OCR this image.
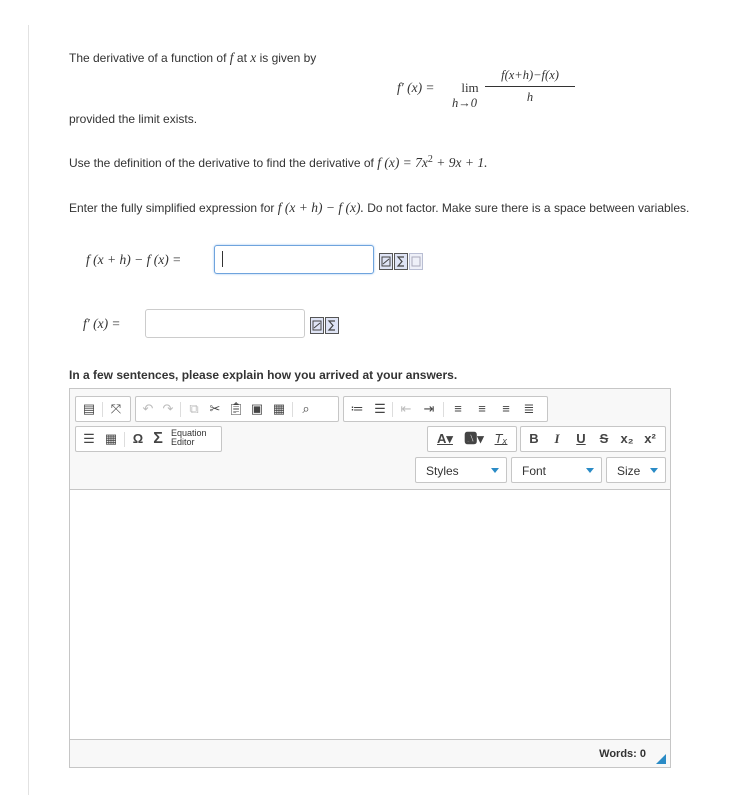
The derivative of a function of f at x is given by
f′ (x) =	lim
h→0
f(x+h)−f(x)
h
provided the limit exists.
Use the definition of the derivative to find the derivative of f $(x) = 7x^2 + 9x + 1$.
Enter the fully simplified expression for f (x + h) − f (x). Do not factor. Make sure there is a space between variables.
f (x + h) − f (x) =
f′ (x) =
In a few sentences, please explain how you arrived at your answers.
▤	⤧	↶ ↷	⧉ ✂ 📋︎ ▣ ▦	⌕	≔ ☰	⇤ ⇥	≡	≡	≡	≣
☰ ▦	Ω Σ Equation
Editor	A▾ 🅰︎▾ Tₓ	B	I	U	S x₂ x²
Styles	Font	Size
Words: 0
